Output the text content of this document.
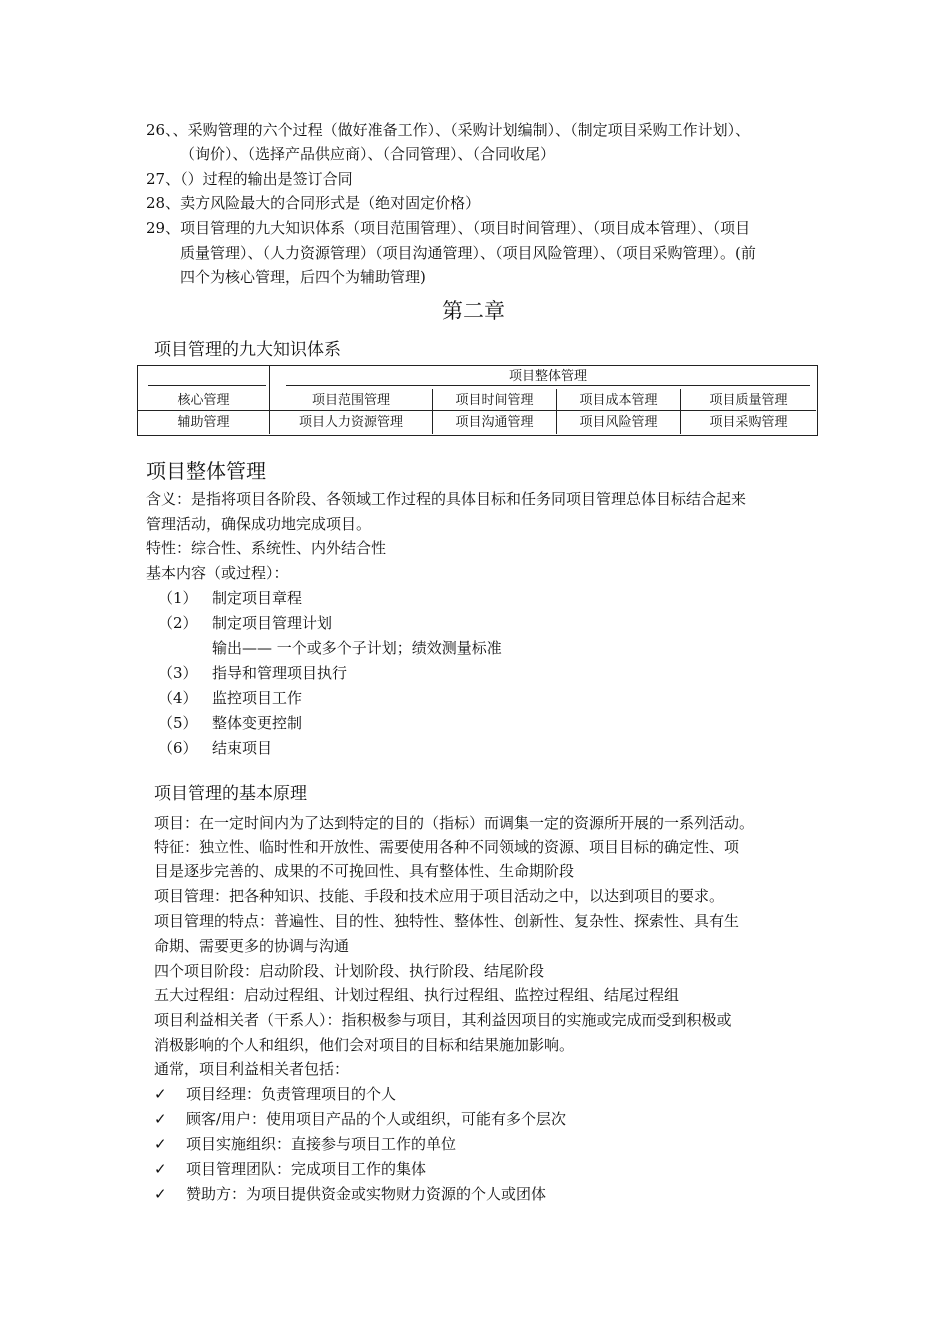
26、、采购管理的六个过程（做好准备工作）、（采购计划编制）、（制定项目采购工作计划）、
（询价）、（选择产品供应商）、（合同管理）、（合同收尾）
27、（）过程的输出是签订合同
28、卖方风险最大的合同形式是（绝对固定价格）
29、项目管理的九大知识体系（项目范围管理）、（项目时间管理）、（项目成本管理）、（项目
质量管理）、（人力资源管理）（项目沟通管理）、（项目风险管理）、（项目采购管理）。(前
四个为核心管理，后四个为辅助管理)
第二章
项目管理的九大知识体系
项目整体管理
核心管理	项目范围管理	项目时间管理	项目成本管理	项目质量管理
辅助管理	项目人力资源管理	项目沟通管理	项目风险管理	项目采购管理
项目整体管理
含义：是指将项目各阶段、各领域工作过程的具体目标和任务同项目管理总体目标结合起来
管理活动，确保成功地完成项目。
特性：综合性、系统性、内外结合性
基本内容（或过程）：
（1） 制定项目章程
（2） 制定项目管理计划
输出—— 一个或多个子计划；绩效测量标准
（3） 指导和管理项目执行
（4） 监控项目工作
（5） 整体变更控制
（6） 结束项目
项目管理的基本原理
项目：在一定时间内为了达到特定的目的（指标）而调集一定的资源所开展的一系列活动。
特征：独立性、临时性和开放性、需要使用各种不同领域的资源、项目目标的确定性、项
目是逐步完善的、成果的不可挽回性、具有整体性、生命期阶段
项目管理：把各种知识、技能、手段和技术应用于项目活动之中，以达到项目的要求。
项目管理的特点：普遍性、目的性、独特性、整体性、创新性、复杂性、探索性、具有生
命期、需要更多的协调与沟通
四个项目阶段：启动阶段、计划阶段、执行阶段、结尾阶段
五大过程组：启动过程组、计划过程组、执行过程组、监控过程组、结尾过程组
项目利益相关者（干系人）：指积极参与项目，其利益因项目的实施或完成而受到积极或
消极影响的个人和组织，他们会对项目的目标和结果施加影响。
通常，项目利益相关者包括：
✓ 项目经理：负责管理项目的个人
✓ 顾客/用户：使用项目产品的个人或组织，可能有多个层次
✓ 项目实施组织：直接参与项目工作的单位
✓ 项目管理团队：完成项目工作的集体
✓ 赞助方：为项目提供资金或实物财力资源的个人或团体
